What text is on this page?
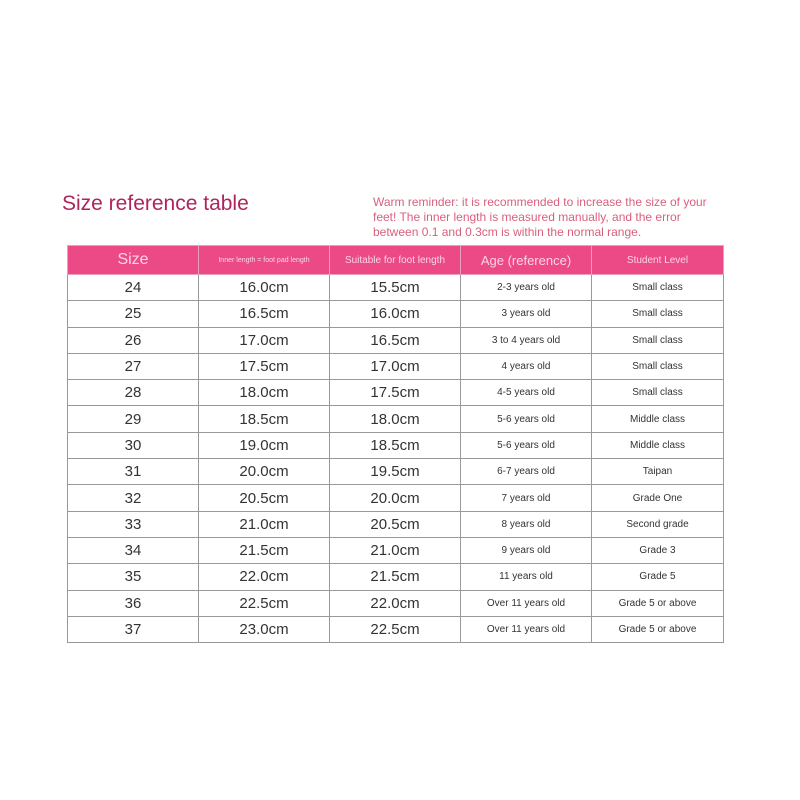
Size reference table	Warm reminder: it is recommended to increase the size of your feet! The inner length is measured manually, and the error between 0.1 and 0.3cm is within the normal range.
Size	Inner length = foot pad length	Suitable for foot length	Age (reference)	Student Level
24	16.0cm	15.5cm	2-3 years old	Small class
25	16.5cm	16.0cm	3 years old	Small class
26	17.0cm	16.5cm	3 to 4 years old	Small class
27	17.5cm	17.0cm	4 years old	Small class
28	18.0cm	17.5cm	4-5 years old	Small class
29	18.5cm	18.0cm	5-6 years old	Middle class
30	19.0cm	18.5cm	5-6 years old	Middle class
31	20.0cm	19.5cm	6-7 years old	Taipan
32	20.5cm	20.0cm	7 years old	Grade One
33	21.0cm	20.5cm	8 years old	Second grade
34	21.5cm	21.0cm	9 years old	Grade 3
35	22.0cm	21.5cm	11 years old	Grade 5
36	22.5cm	22.0cm	Over 11 years old	Grade 5 or above
37	23.0cm	22.5cm	Over 11 years old	Grade 5 or above
